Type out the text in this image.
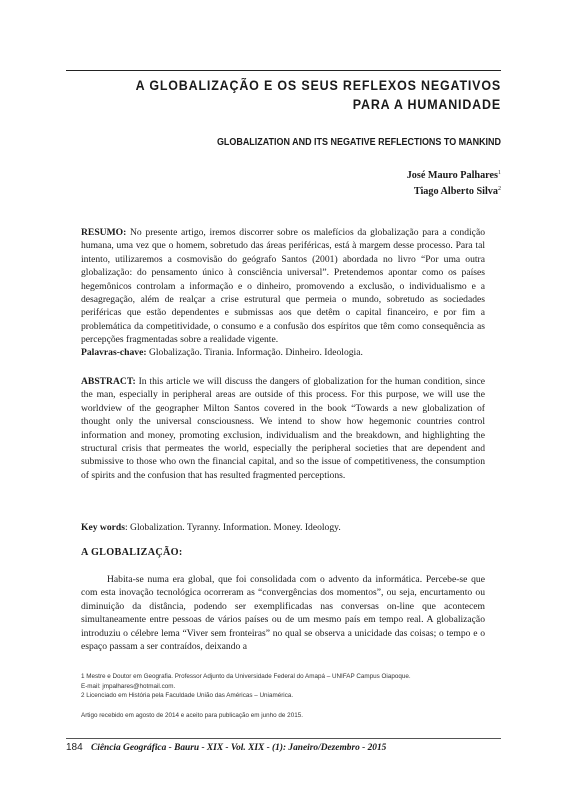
A GLOBALIZAÇÃO E OS SEUS REFLEXOS NEGATIVOS
PARA A HUMANIDADE
GLOBALIZATION AND ITS NEGATIVE REFLECTIONS TO MANKIND
José Mauro Palhares$^1$
Tiago Alberto Silva$^2$
RESUMO: No presente artigo, iremos discorrer sobre os malefícios da globalização para a condição humana, uma vez que o homem, sobretudo das áreas periféricas, está à margem desse processo. Para tal intento, utilizaremos a cosmovisão do geógrafo Santos (2001) abordada no livro “Por uma outra globalização: do pensamento único à consciência universal”. Pretendemos apontar como os países hegemônicos controlam a informação e o dinheiro, promovendo a exclusão, o individualismo e a desagregação, além de realçar a crise estrutural que permeia o mundo, sobretudo as sociedades periféricas que estão dependentes e submissas aos que detêm o capital financeiro, e por fim a problemática da competitividade, o consumo e a confusão dos espíritos que têm como consequência as percepções fragmentadas sobre a realidade vigente.
Palavras-chave: Globalização. Tirania. Informação. Dinheiro. Ideologia.
ABSTRACT: In this article we will discuss the dangers of globalization for the human condition, since the man, especially in peripheral areas are outside of this process. For this purpose, we will use the worldview of the geographer Milton Santos covered in the book “Towards a new globalization of thought only the universal consciousness. We intend to show how hegemonic countries control information and money, promoting exclusion, individualism and the breakdown, and highlighting the structural crisis that permeates the world, especially the peripheral societies that are dependent and submissive to those who own the financial capital, and so the issue of competitiveness, the consumption of spirits and the confusion that has resulted fragmented perceptions.
Key words: Globalization. Tyranny. Information. Money. Ideology.
A GLOBALIZAÇÃO:
Habita-se numa era global, que foi consolidada com o advento da informática. Percebe-se que com esta inovação tecnológica ocorreram as “convergências dos momentos”, ou seja, encurtamento ou diminuição da distância, podendo ser exemplificadas nas conversas on-line que acontecem simultaneamente entre pessoas de vários países ou de um mesmo país em tempo real. A globalização introduziu o célebre lema “Viver sem fronteiras” no qual se observa a unicidade das coisas; o tempo e o espaço passam a ser contraídos, deixando a
1 Mestre e Doutor em Geografia. Professor Adjunto da Universidade Federal do Amapá – UNIFAP Campus Oiapoque.
E-mail: jmpalhares@hotmail.com.
2 Licenciado em História pela Faculdade União das Américas – Uniamérica.
Artigo recebido em agosto de 2014 e aceito para publicação em junho de 2015.
184 Ciência Geográfica - Bauru - XIX - Vol. XIX - (1): Janeiro/Dezembro - 2015
